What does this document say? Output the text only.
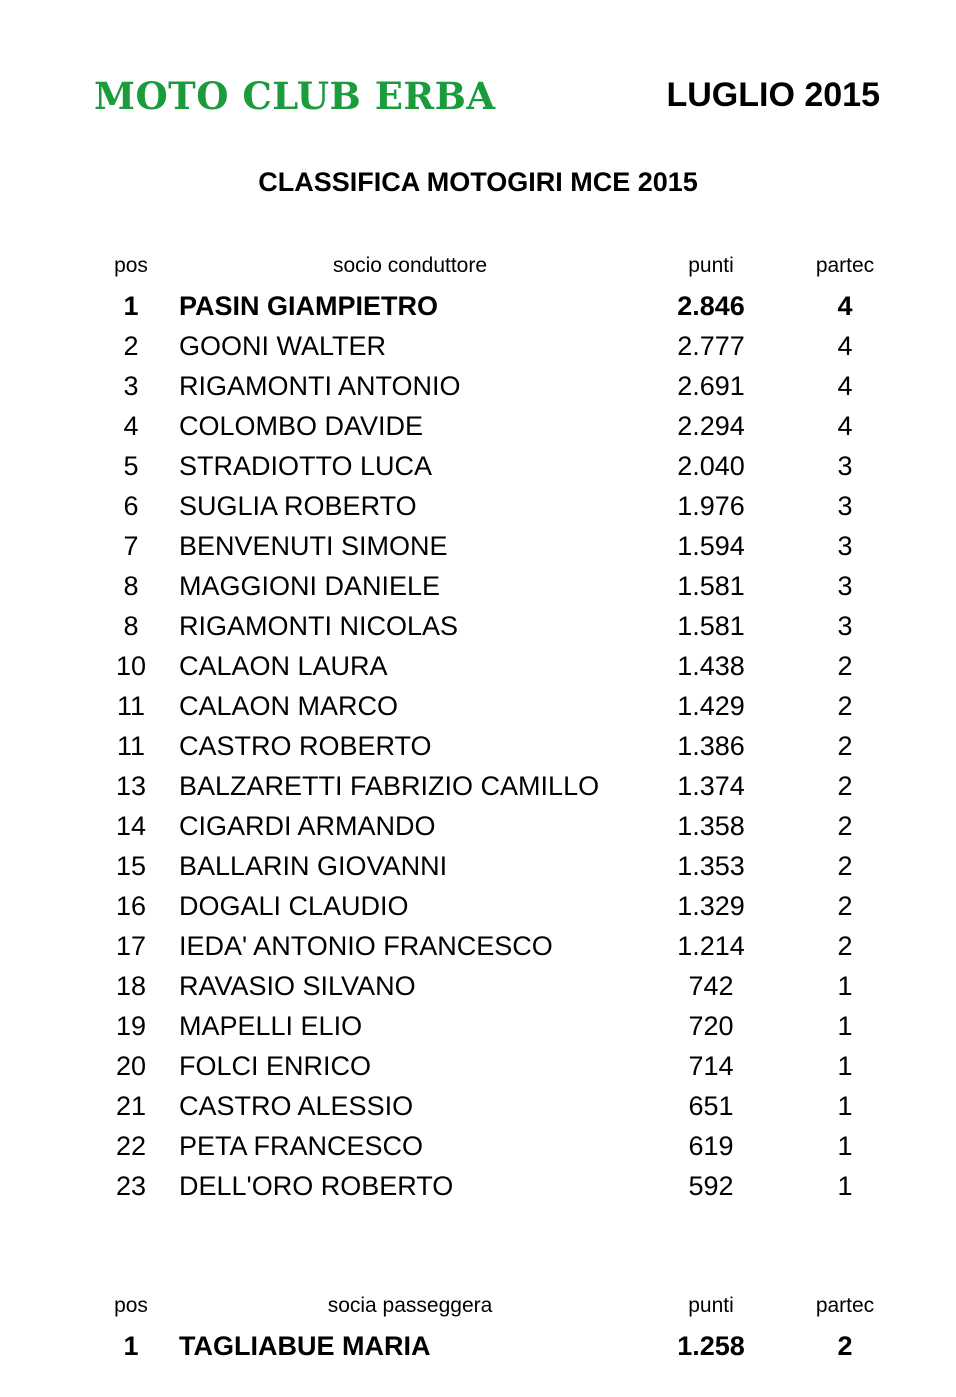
MOTO CLUB ERBA	LUGLIO 2015
CLASSIFICA MOTOGIRI MCE 2015
pos	socio conduttore	punti	partec
1	PASIN GIAMPIETRO	2.846	4
2	GOONI WALTER	2.777	4
3	RIGAMONTI ANTONIO	2.691	4
4	COLOMBO DAVIDE	2.294	4
5	STRADIOTTO LUCA	2.040	3
6	SUGLIA ROBERTO	1.976	3
7	BENVENUTI SIMONE	1.594	3
8	MAGGIONI DANIELE	1.581	3
8	RIGAMONTI NICOLAS	1.581	3
10	CALAON LAURA	1.438	2
11	CALAON MARCO	1.429	2
11	CASTRO ROBERTO	1.386	2
13	BALZARETTI FABRIZIO CAMILLO	1.374	2
14	CIGARDI ARMANDO	1.358	2
15	BALLARIN GIOVANNI	1.353	2
16	DOGALI CLAUDIO	1.329	2
17	IEDA' ANTONIO FRANCESCO	1.214	2
18	RAVASIO SILVANO	742	1
19	MAPELLI ELIO	720	1
20	FOLCI ENRICO	714	1
21	CASTRO ALESSIO	651	1
22	PETA FRANCESCO	619	1
23	DELL'ORO ROBERTO	592	1
pos	socia passeggera	punti	partec
1	TAGLIABUE MARIA	1.258	2
